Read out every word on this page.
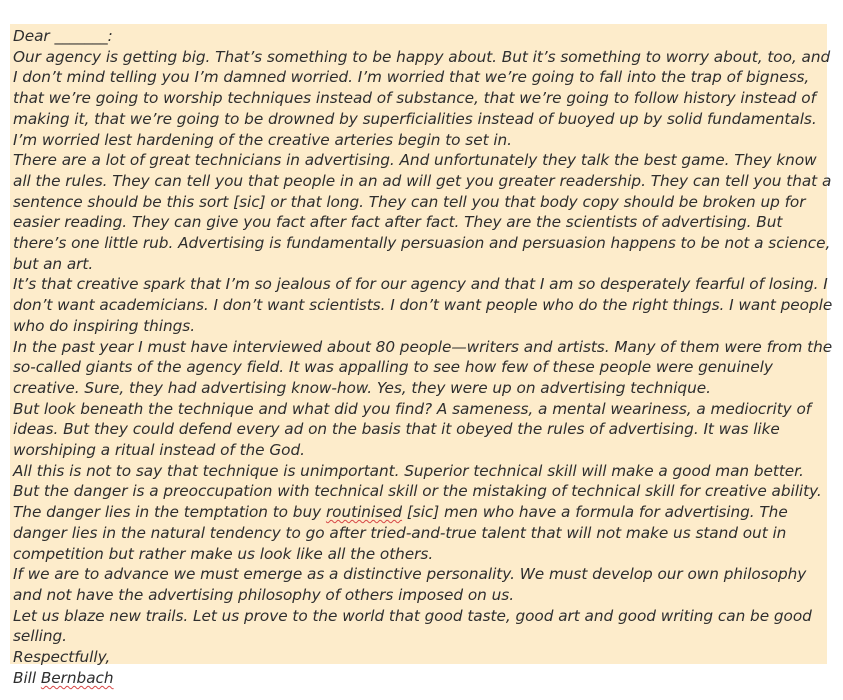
Dear _______:

Our agency is getting big. That’s something to be happy about. But it’s something to worry about, too, and I don’t mind telling you I’m damned worried. I’m worried that we’re going to fall into the trap of bigness, that we’re going to worship techniques instead of substance, that we’re going to follow history instead of making it, that we’re going to be drowned by superficialities instead of buoyed up by solid fundamentals. I’m worried lest hardening of the creative arteries begin to set in.

There are a lot of great technicians in advertising. And unfortunately they talk the best game. They know all the rules. They can tell you that people in an ad will get you greater readership. They can tell you that a sentence should be this sort [sic] or that long. They can tell you that body copy should be broken up for easier reading. They can give you fact after fact after fact. They are the scientists of advertising. But there’s one little rub. Advertising is fundamentally persuasion and persuasion happens to be not a science, but an art.

It’s that creative spark that I’m so jealous of for our agency and that I am so desperately fearful of losing. I don’t want academicians. I don’t want scientists. I don’t want people who do the right things. I want people who do inspiring things.

In the past year I must have interviewed about 80 people—writers and artists. Many of them were from the so-called giants of the agency field. It was appalling to see how few of these people were genuinely creative. Sure, they had advertising know-how. Yes, they were up on advertising technique.

But look beneath the technique and what did you find? A sameness, a mental weariness, a mediocrity of ideas. But they could defend every ad on the basis that it obeyed the rules of advertising. It was like worshiping a ritual instead of the God.

All this is not to say that technique is unimportant. Superior technical skill will make a good man better. But the danger is a preoccupation with technical skill or the mistaking of technical skill for creative ability.

The danger lies in the temptation to buy routinised [sic] men who have a formula for advertising. The danger lies in the natural tendency to go after tried-and-true talent that will not make us stand out in competition but rather make us look like all the others.

If we are to advance we must emerge as a distinctive personality. We must develop our own philosophy and not have the advertising philosophy of others imposed on us.

Let us blaze new trails. Let us prove to the world that good taste, good art and good writing can be good selling.

Respectfully,

Bill Bernbach
